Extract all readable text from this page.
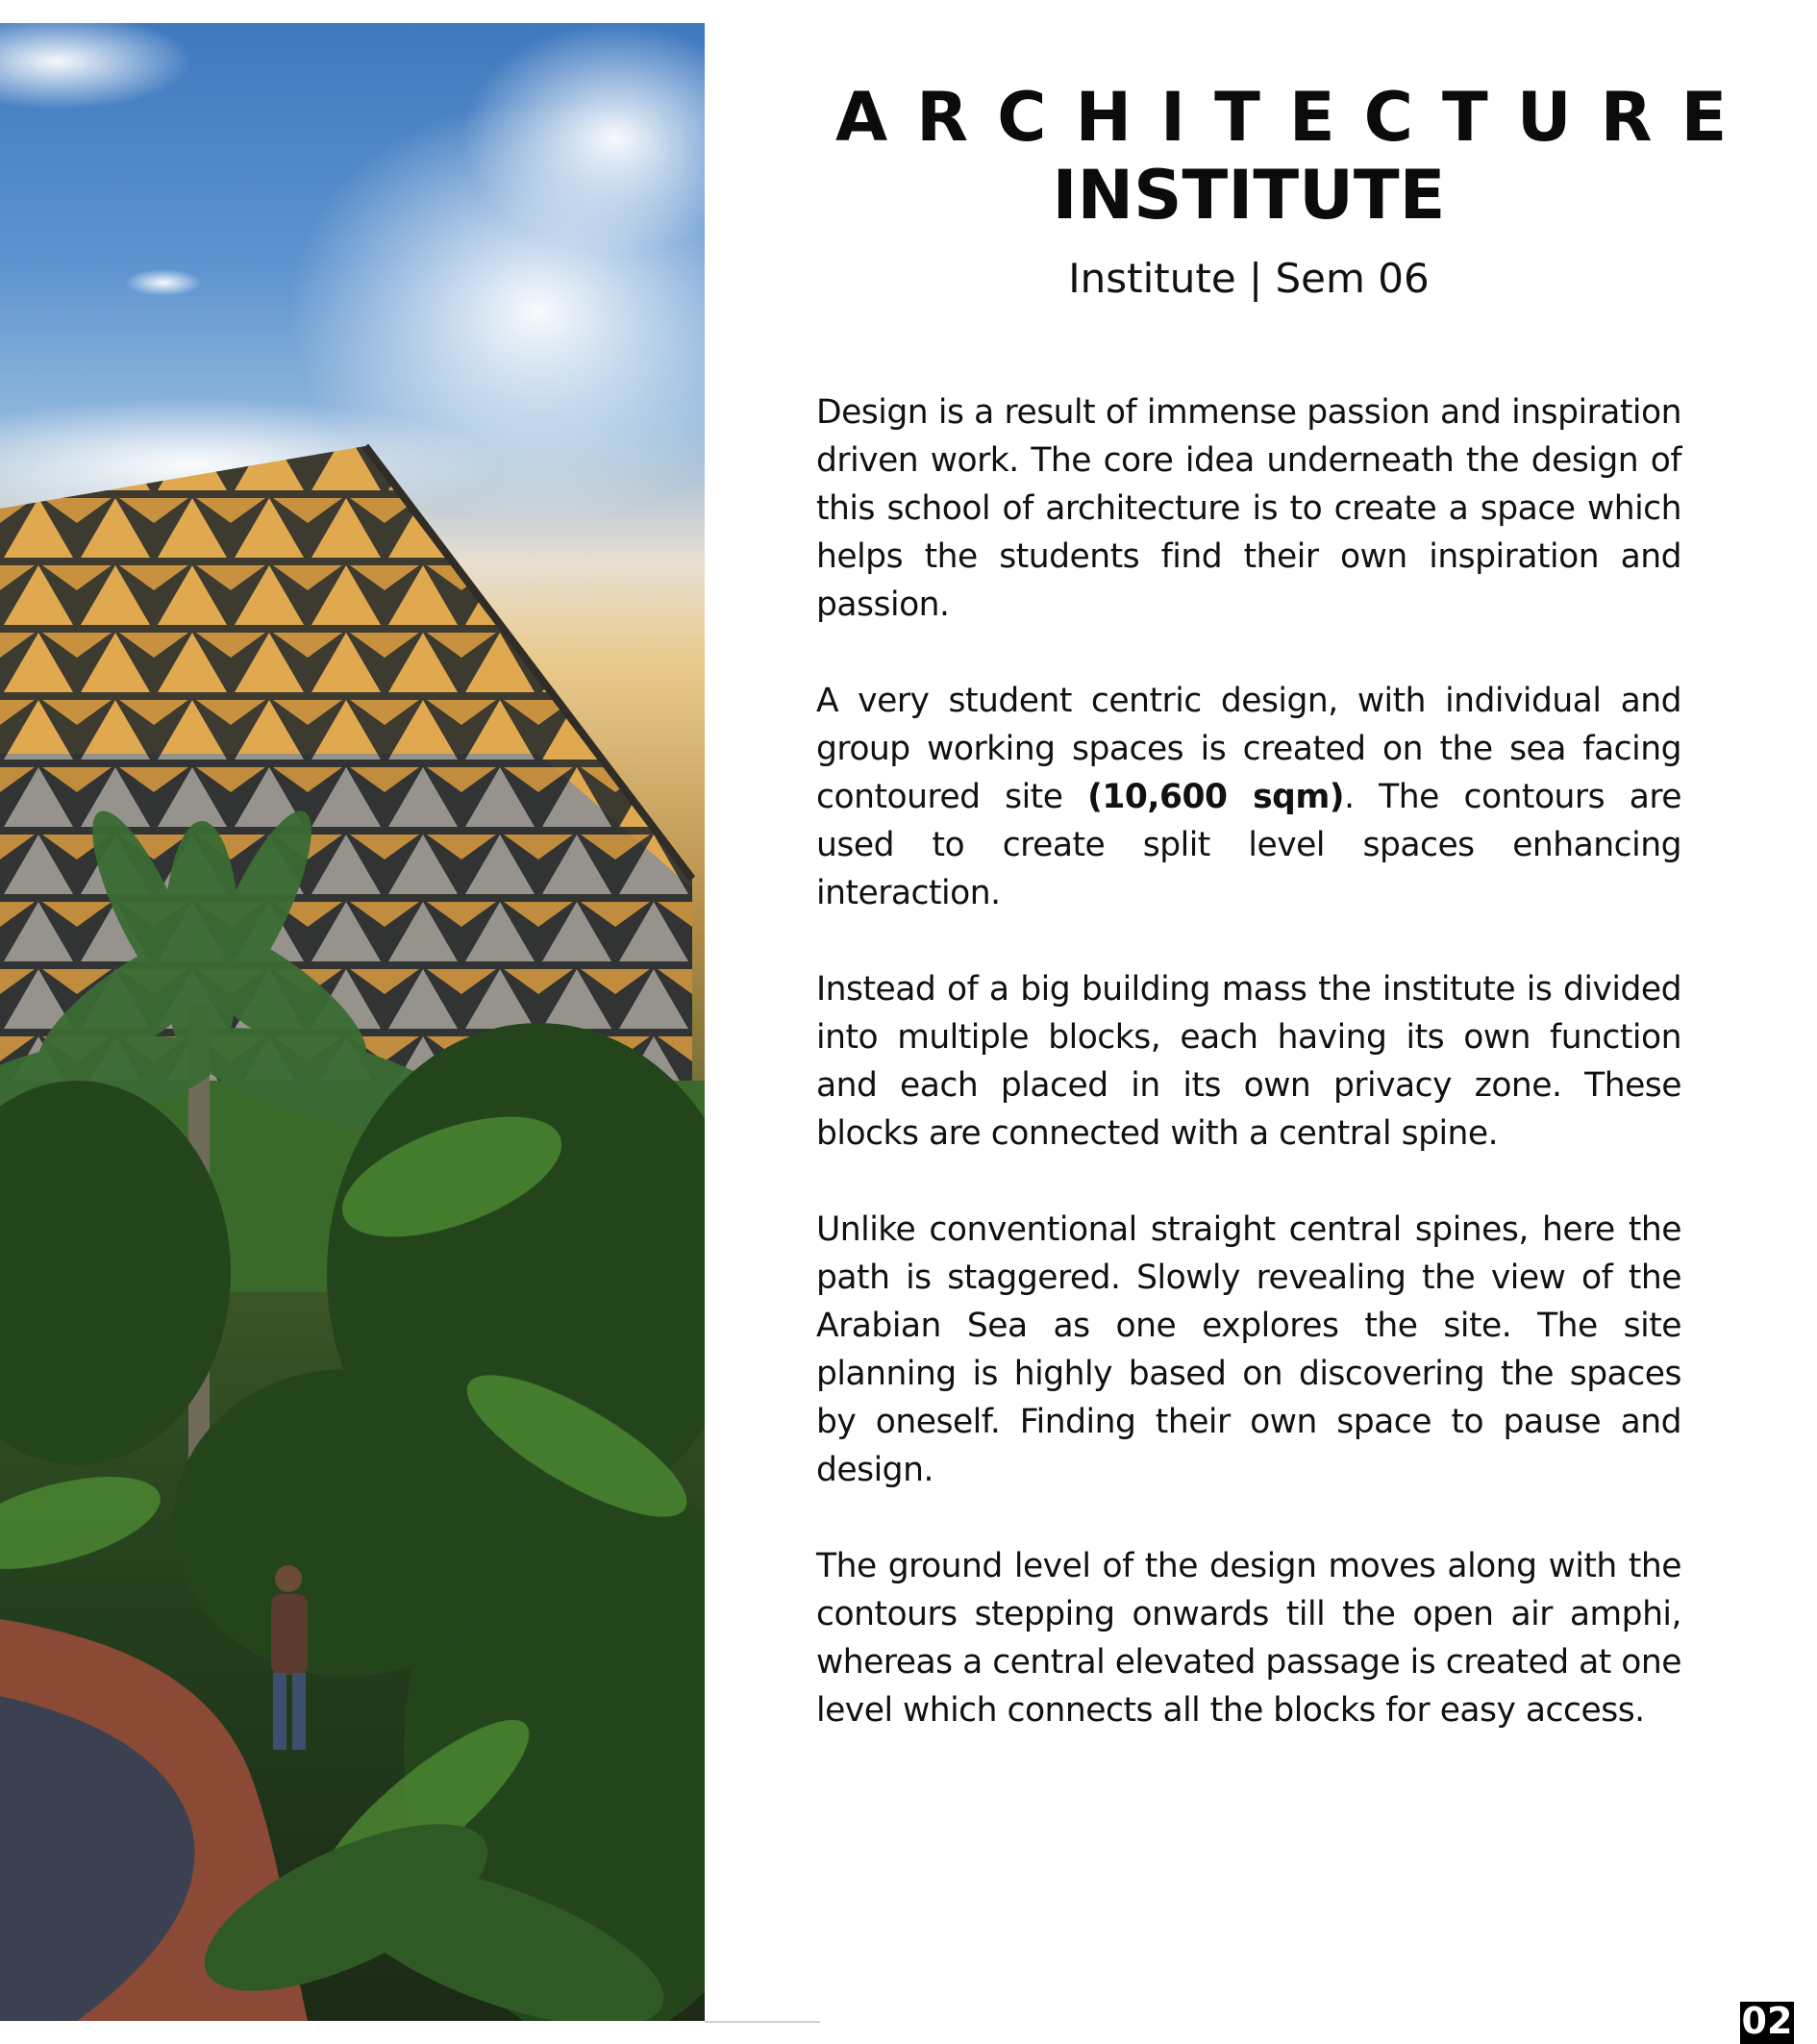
ARCHITECTURE
INSTITUTE
Institute | Sem 06

Design is a result of immense passion and inspiration driven work. The core idea underneath the design of this school of architecture is to create a space which helps the students find their own inspiration and passion.

A very student centric design, with individual and group working spaces is created on the sea facing contoured site (10,600 sqm). The contours are used to create split level spaces enhancing interaction.

Instead of a big building mass the institute is divided into multiple blocks, each having its own function and each placed in its own privacy zone. These blocks are connected with a central spine.

Unlike conventional straight central spines, here the path is staggered. Slowly revealing the view of the Arabian Sea as one explores the site. The site planning is highly based on discovering the spaces by oneself. Finding their own space to pause and design.

The ground level of the design moves along with the contours stepping onwards till the open air amphi, whereas a central elevated passage is created at one level which connects all the blocks for easy access.

02
